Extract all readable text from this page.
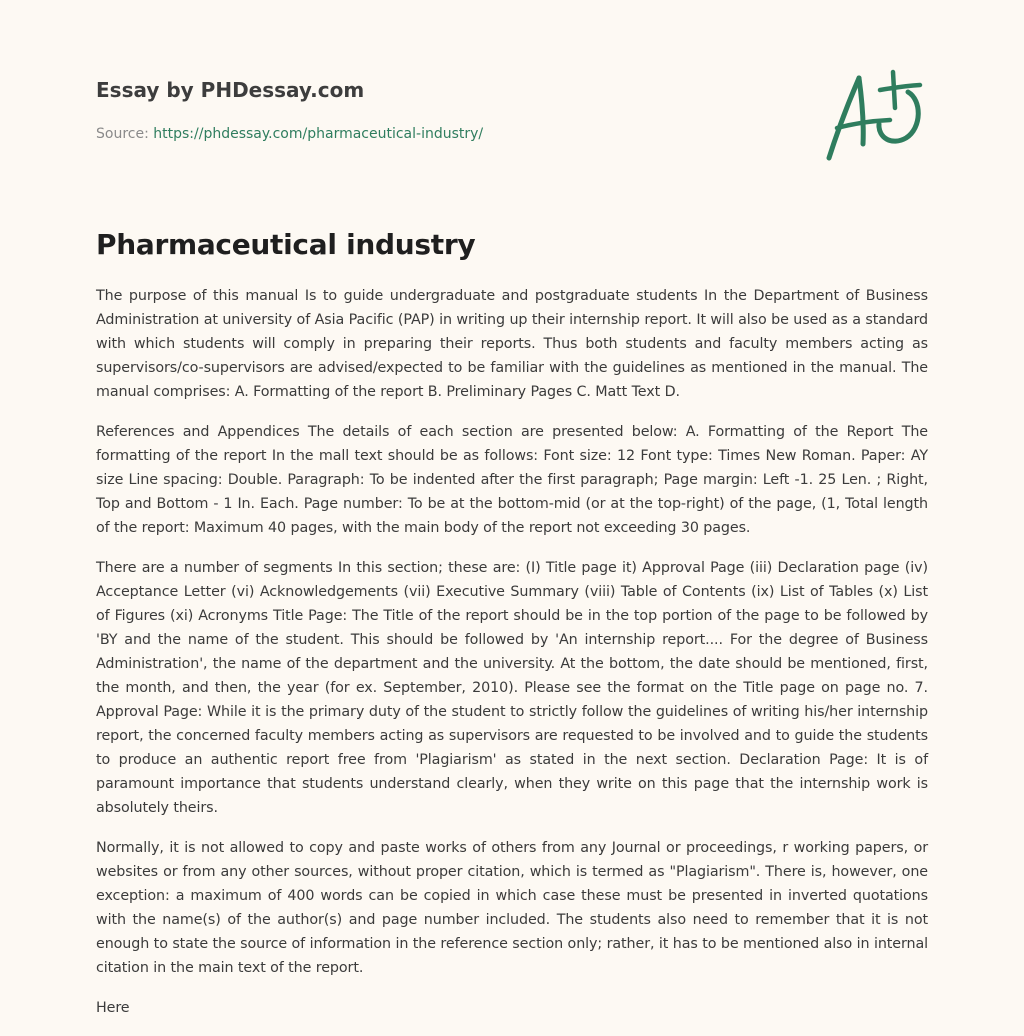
Essay by PHDessay.com
Source: https://phdessay.com/pharmaceutical-industry/
Pharmaceutical industry

The purpose of this manual Is to guide undergraduate and postgraduate students In the Department of Business Administration at university of Asia Pacific (PAP) in writing up their internship report. It will also be used as a standard with which students will comply in preparing their reports. Thus both students and faculty members acting as supervisors/co-supervisors are advised/expected to be familiar with the guidelines as mentioned in the manual. The manual comprises: A. Formatting of the report B. Preliminary Pages C. Matt Text D.

References and Appendices The details of each section are presented below: A. Formatting of the Report The formatting of the report In the mall text should be as follows: Font size: 12 Font type: Times New Roman. Paper: AY size Line spacing: Double. Paragraph: To be indented after the first paragraph; Page margin: Left -1. 25 Len. ; Right, Top and Bottom - 1 In. Each. Page number: To be at the bottom-mid (or at the top-right) of the page, (1, Total length of the report: Maximum 40 pages, with the main body of the report not exceeding 30 pages.

There are a number of segments In this section; these are: (I) Title page it) Approval Page (iii) Declaration page (iv) Acceptance Letter (vi) Acknowledgements (vii) Executive Summary (viii) Table of Contents (ix) List of Tables (x) List of Figures (xi) Acronyms Title Page: The Title of the report should be in the top portion of the page to be followed by 'BY and the name of the student. This should be followed by 'An internship report.... For the degree of Business Administration', the name of the department and the university. At the bottom, the date should be mentioned, first, the month, and then, the year (for ex. September, 2010). Please see the format on the Title page on page no. 7. Approval Page: While it is the primary duty of the student to strictly follow the guidelines of writing his/her internship report, the concerned faculty members acting as supervisors are requested to be involved and to guide the students to produce an authentic report free from 'Plagiarism' as stated in the next section. Declaration Page: It is of paramount importance that students understand clearly, when they write on this page that the internship work is absolutely theirs.

Normally, it is not allowed to copy and paste works of others from any Journal or proceedings, r working papers, or websites or from any other sources, without proper citation, which is termed as "Plagiarism". There is, however, one exception: a maximum of 400 words can be copied in which case these must be presented in inverted quotations with the name(s) of the author(s) and page number included. The students also need to remember that it is not enough to state the source of information in the reference section only; rather, it has to be mentioned also in internal citation in the main text of the report.

Here
